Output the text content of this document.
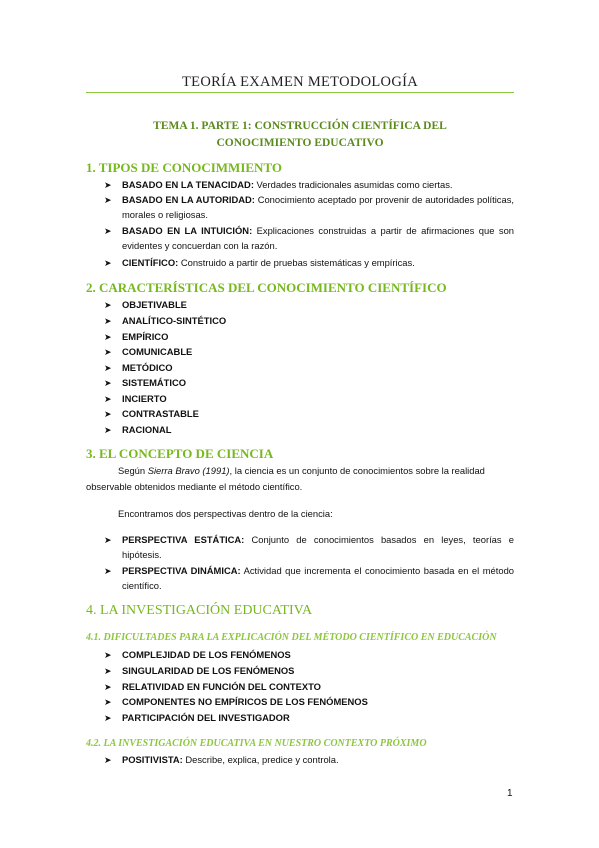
TEORÍA EXAMEN METODOLOGÍA
TEMA 1. PARTE 1: CONSTRUCCIÓN CIENTÍFICA DEL CONOCIMIENTO EDUCATIVO
1. TIPOS DE CONOCIMMIENTO
➤ BASADO EN LA TENACIDAD: Verdades tradicionales asumidas como ciertas.
➤ BASADO EN LA AUTORIDAD: Conocimiento aceptado por provenir de autoridades políticas, morales o religiosas.
➤ BASADO EN LA INTUICIÓN: Explicaciones construidas a partir de afirmaciones que son evidentes y concuerdan con la razón.
➤ CIENTÍFICO: Construido a partir de pruebas sistemáticas y empíricas.
2. CARACTERÍSTICAS DEL CONOCIMIENTO CIENTÍFICO
➤ OBJETIVABLE
➤ ANALÍTICO-SINTÉTICO
➤ EMPÍRICO
➤ COMUNICABLE
➤ METÓDICO
➤ SISTEMÁTICO
➤ INCIERTO
➤ CONTRASTABLE
➤ RACIONAL
3. EL CONCEPTO DE CIENCIA
Según Sierra Bravo (1991), la ciencia es un conjunto de conocimientos sobre la realidad observable obtenidos mediante el método científico.
Encontramos dos perspectivas dentro de la ciencia:
➤ PERSPECTIVA ESTÁTICA: Conjunto de conocimientos basados en leyes, teorías e hipótesis.
➤ PERSPECTIVA DINÁMICA: Actividad que incrementa el conocimiento basada en el método científico.
4. LA INVESTIGACIÓN EDUCATIVA
4.1. DIFICULTADES PARA LA EXPLICACIÓN DEL MÉTODO CIENTÍFICO EN EDUCACIÓN
➤ COMPLEJIDAD DE LOS FENÓMENOS
➤ SINGULARIDAD DE LOS FENÓMENOS
➤ RELATIVIDAD EN FUNCIÓN DEL CONTEXTO
➤ COMPONENTES NO EMPÍRICOS DE LOS FENÓMENOS
➤ PARTICIPACIÓN DEL INVESTIGADOR
4.2. LA INVESTIGACIÓN EDUCATIVA EN NUESTRO CONTEXTO PRÓXIMO
➤ POSITIVISTA: Describe, explica, predice y controla.
1
